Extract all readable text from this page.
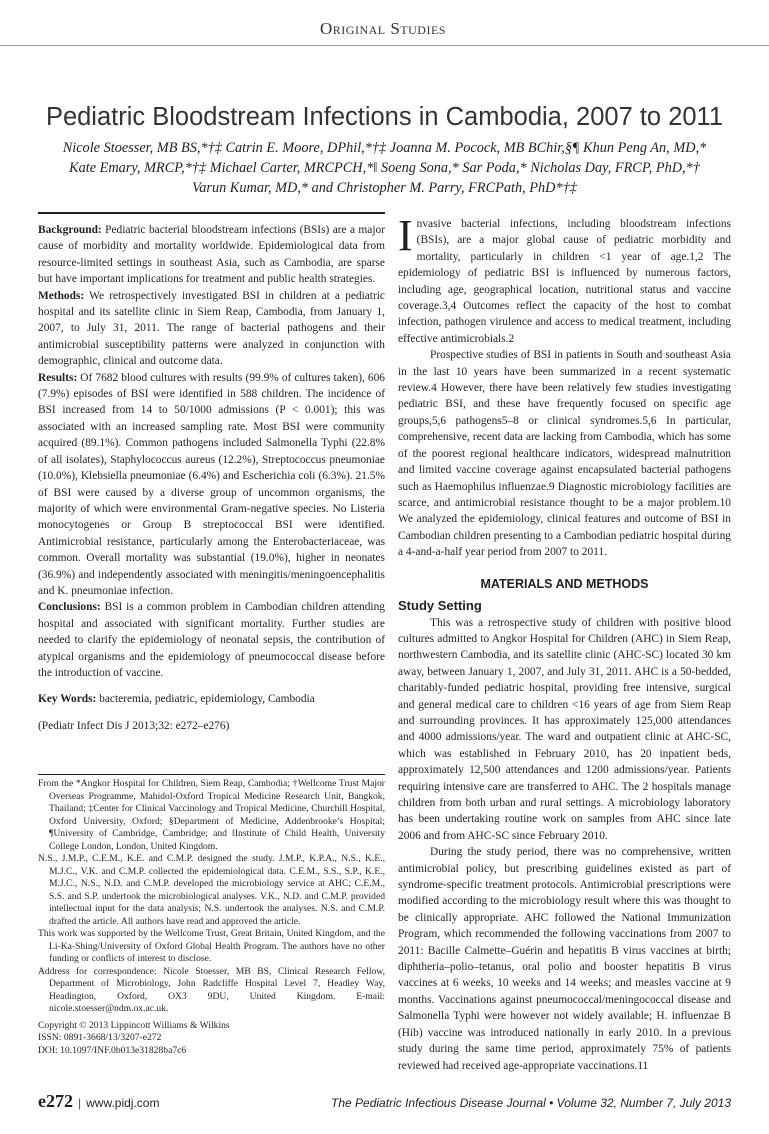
Original Studies
Pediatric Bloodstream Infections in Cambodia, 2007 to 2011
Nicole Stoesser, MB BS,*†‡ Catrin E. Moore, DPhil,*†‡ Joanna M. Pocock, MB BChir,§¶ Khun Peng An, MD,*
Kate Emary, MRCP,*†‡ Michael Carter, MRCPCH,*‖ Soeng Sona,* Sar Poda,* Nicholas Day, FRCP, PhD,*†
Varun Kumar, MD,* and Christopher M. Parry, FRCPath, PhD*†‡

Background: Pediatric bacterial bloodstream infections (BSIs) are a major cause of morbidity and mortality worldwide. Epidemiological data from resource-limited settings in southeast Asia, such as Cambodia, are sparse but have important implications for treatment and public health strategies.

Methods: We retrospectively investigated BSI in children at a pediatric hospital and its satellite clinic in Siem Reap, Cambodia, from January 1, 2007, to July 31, 2011. The range of bacterial pathogens and their antimicrobial susceptibility patterns were analyzed in conjunction with demographic, clinical and outcome data.

Results: Of 7682 blood cultures with results (99.9% of cultures taken), 606 (7.9%) episodes of BSI were identified in 588 children. The incidence of BSI increased from 14 to 50/1000 admissions (P < 0.001); this was associated with an increased sampling rate. Most BSI were community acquired (89.1%). Common pathogens included Salmonella Typhi (22.8% of all isolates), Staphylococcus aureus (12.2%), Streptococcus pneumoniae (10.0%), Klebsiella pneumoniae (6.4%) and Escherichia coli (6.3%). 21.5% of BSI were caused by a diverse group of uncommon organisms, the majority of which were environmental Gram-negative species. No Listeria monocytogenes or Group B streptococcal BSI were identified. Antimicrobial resistance, particularly among the Enterobacteriaceae, was common. Overall mortality was substantial (19.0%), higher in neonates (36.9%) and independently associated with meningitis/meningoencephalitis and K. pneumoniae infection.

Conclusions: BSI is a common problem in Cambodian children attending hospital and associated with significant mortality. Further studies are needed to clarify the epidemiology of neonatal sepsis, the contribution of atypical organisms and the epidemiology of pneumococcal disease before the introduction of vaccine.

Key Words: bacteremia, pediatric, epidemiology, Cambodia

(Pediatr Infect Dis J 2013;32: e272–e276)

From the *Angkor Hospital for Children, Siem Reap, Cambodia; †Wellcome Trust Major Overseas Programme, Mahidol-Oxford Tropical Medicine Research Unit, Bangkok, Thailand; ‡Center for Clinical Vaccinology and Tropical Medicine, Churchill Hospital, Oxford University, Oxford; §Department of Medicine, Addenbrooke’s Hospital; ¶University of Cambridge, Cambridge; and ‖Institute of Child Health, University College London, London, United Kingdom.

N.S., J.M.P., C.E.M., K.E. and C.M.P. designed the study. J.M.P., K.P.A., N.S., K.E., M.J.C., V.K. and C.M.P. collected the epidemiological data. C.E.M., S.S., S.P., K.E., M.J.C., N.S., N.D. and C.M.P. developed the microbiology service at AHC; C.E.M., S.S. and S.P. undertook the microbiological analyses. V.K., N.D. and C.M.P. provided intellectual input for the data analysis; N.S. undertook the analyses. N.S. and C.M.P. drafted the article. All authors have read and approved the article.

This work was supported by the Wellcome Trust, Great Britain, United Kingdom, and the Li-Ka-Shing/University of Oxford Global Health Program. The authors have no other funding or conflicts of interest to disclose.

Address for correspondence: Nicole Stoesser, MB BS, Clinical Research Fellow, Department of Microbiology, John Radcliffe Hospital Level 7, Headley Way, Headington, Oxford, OX3 9DU, United Kingdom. E-mail: nicole.stoesser@ndm.ox.ac.uk.

Copyright © 2013 Lippincott Williams & Wilkins

ISSN: 0891-3668/13/3207-e272

DOI: 10.1097/INF.0b013e31828ba7c6

Invasive bacterial infections, including bloodstream infections (BSIs), are a major global cause of pediatric morbidity and mortality, particularly in children <1 year of age.1,2 The epidemiology of pediatric BSI is influenced by numerous factors, including age, geographical location, nutritional status and vaccine coverage.3,4 Outcomes reflect the capacity of the host to combat infection, pathogen virulence and access to medical treatment, including effective antimicrobials.2

Prospective studies of BSI in patients in South and southeast Asia in the last 10 years have been summarized in a recent systematic review.4 However, there have been relatively few studies investigating pediatric BSI, and these have frequently focused on specific age groups,5,6 pathogens5–8 or clinical syndromes.5,6 In particular, comprehensive, recent data are lacking from Cambodia, which has some of the poorest regional healthcare indicators, widespread malnutrition and limited vaccine coverage against encapsulated bacterial pathogens such as Haemophilus influenzae.9 Diagnostic microbiology facilities are scarce, and antimicrobial resistance thought to be a major problem.10 We analyzed the epidemiology, clinical features and outcome of BSI in Cambodian children presenting to a Cambodian pediatric hospital during a 4-and-a-half year period from 2007 to 2011.

MATERIALS AND METHODS
Study Setting

This was a retrospective study of children with positive blood cultures admitted to Angkor Hospital for Children (AHC) in Siem Reap, northwestern Cambodia, and its satellite clinic (AHC-SC) located 30 km away, between January 1, 2007, and July 31, 2011. AHC is a 50-bedded, charitably-funded pediatric hospital, providing free intensive, surgical and general medical care to children <16 years of age from Siem Reap and surrounding provinces. It has approximately 125,000 attendances and 4000 admissions/year. The ward and outpatient clinic at AHC-SC, which was established in February 2010, has 20 inpatient beds, approximately 12,500 attendances and 1200 admissions/year. Patients requiring intensive care are transferred to AHC. The 2 hospitals manage children from both urban and rural settings. A microbiology laboratory has been undertaking routine work on samples from AHC since late 2006 and from AHC-SC since February 2010.

During the study period, there was no comprehensive, written antimicrobial policy, but prescribing guidelines existed as part of syndrome-specific treatment protocols. Antimicrobial prescriptions were modified according to the microbiology result where this was thought to be clinically appropriate. AHC followed the National Immunization Program, which recommended the following vaccinations from 2007 to 2011: Bacille Calmette–Guérin and hepatitis B virus vaccines at birth; diphtheria–polio–tetanus, oral polio and booster hepatitis B virus vaccines at 6 weeks, 10 weeks and 14 weeks; and measles vaccine at 9 months. Vaccinations against pneumococcal/meningococcal disease and Salmonella Typhi were however not widely available; H. influenzae B (Hib) vaccine was introduced nationally in early 2010. In a previous study during the same time period, approximately 75% of patients reviewed had received age-appropriate vaccinations.11

e272 | www.pidj.com	The Pediatric Infectious Disease Journal • Volume 32, Number 7, July 2013
